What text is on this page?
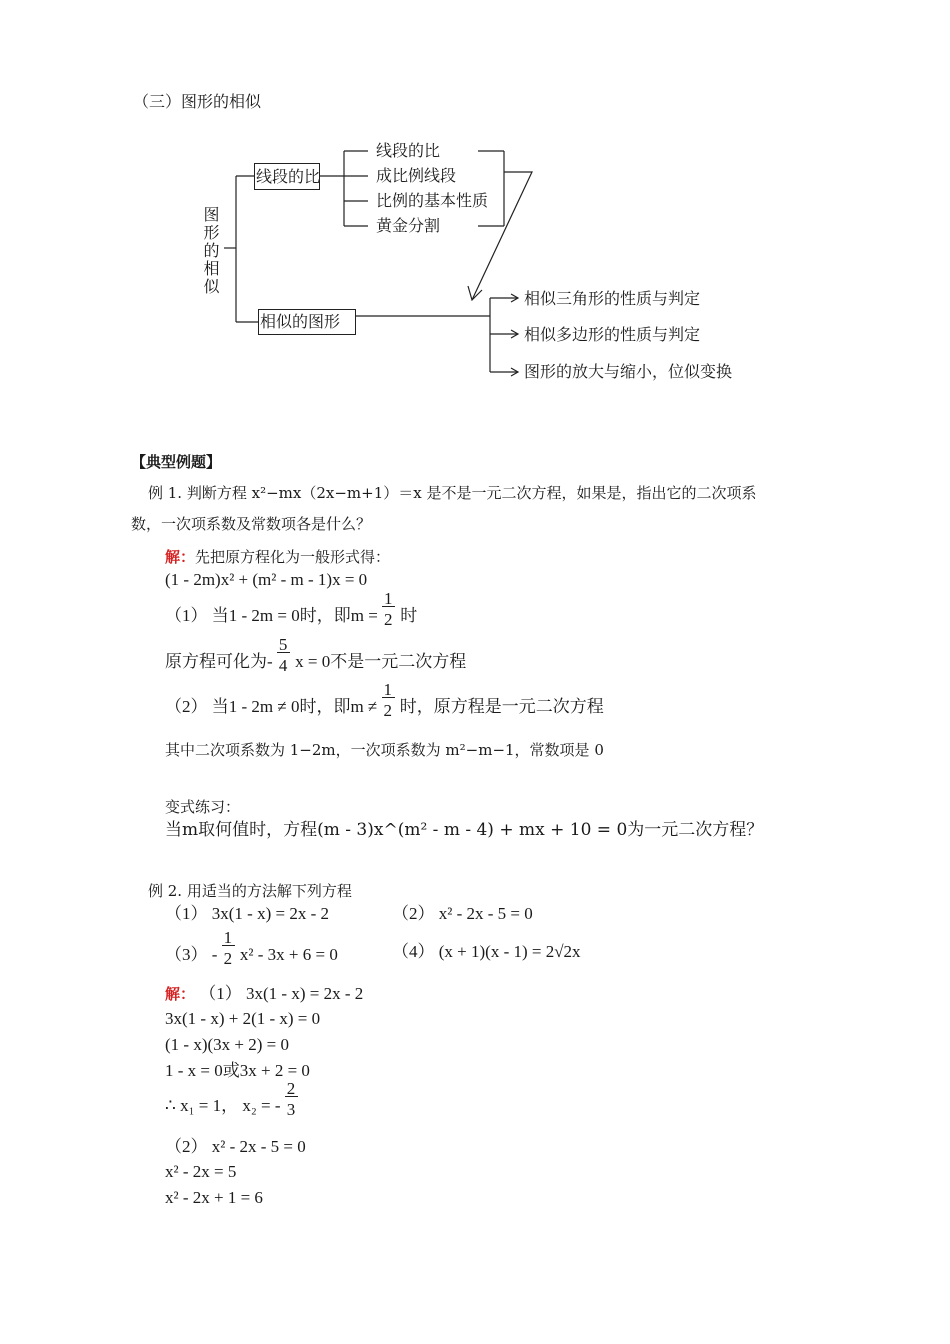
（三）图形的相似
图形的相似
线段的比
线段的比
成比例线段
比例的基本性质
黄金分割
相似的图形
相似三角形的性质与判定
相似多边形的性质与判定
图形的放大与缩小，位似变换
【典型例题】
例 1. 判断方程 x²−mx（2x−m+1）＝x 是不是一元二次方程，如果是，指出它的二次项系
数，一次项系数及常数项各是什么？
解：先把原方程化为一般形式得：
(1 - 2m)x² + (m² - m - 1)x = 0
（1） 当1 - 2m = 0时，即$m = \frac{1}{2}$ 时
原方程可化为- $\frac{5}{4}$ x = 0不是一元二次方程
（2） 当1 - 2m ≠ 0时，即$m \ne \frac{1}{2}$ 时，原方程是一元二次方程
其中二次项系数为 1−2m，一次项系数为 m²−m−1，常数项是 0
变式练习：
当m取何值时，方程(m - 3)x^(m² - m - 4) + mx + 10 = 0为一元二次方程？
例 2. 用适当的方法解下列方程
（1） 3x(1 - x) = 2x - 2	（2） x² - 2x - 5 = 0
$(3) - \frac{1}{2} x^2 - 3x + 6 = 0$	（4） (x + 1)(x - 1) = 2√2x
解： （1） 3x(1 - x) = 2x - 2
3x(1 - x) + 2(1 - x) = 0
(1 - x)(3x + 2) = 0
1 - x = 0或3x + 2 = 0
∴ x₁ = 1， x₂ = - $\frac{2}{3}$
（2） x² - 2x - 5 = 0
x² - 2x = 5
x² - 2x + 1 = 6
